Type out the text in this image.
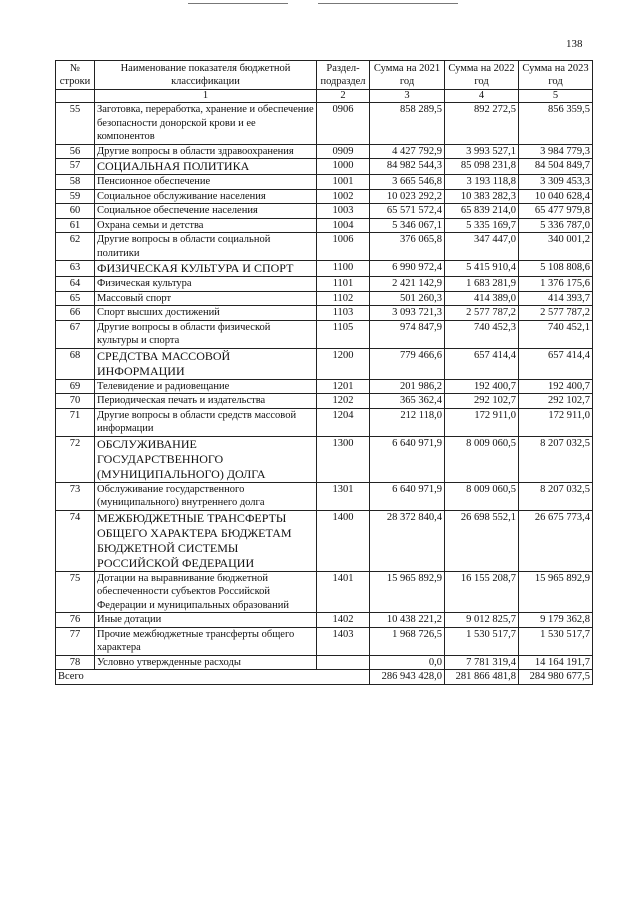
138
№ строки	Наименование показателя бюджетной классификации	Раздел-подраздел	Сумма на 2021 год	Сумма на 2022 год	Сумма на 2023 год
	1	2	3	4	5
55	Заготовка, переработка, хранение и обеспечение безопасности донорской крови и ее компонентов	0906	858 289,5	892 272,5	856 359,5
56	Другие вопросы в области здравоохранения	0909	4 427 792,9	3 993 527,1	3 984 779,3
57	СОЦИАЛЬНАЯ ПОЛИТИКА	1000	84 982 544,3	85 098 231,8	84 504 849,7
58	Пенсионное обеспечение	1001	3 665 546,8	3 193 118,8	3 309 453,3
59	Социальное обслуживание населения	1002	10 023 292,2	10 383 282,3	10 040 628,4
60	Социальное обеспечение населения	1003	65 571 572,4	65 839 214,0	65 477 979,8
61	Охрана семьи и детства	1004	5 346 067,1	5 335 169,7	5 336 787,0
62	Другие вопросы в области социальной политики	1006	376 065,8	347 447,0	340 001,2
63	ФИЗИЧЕСКАЯ КУЛЬТУРА И СПОРТ	1100	6 990 972,4	5 415 910,4	5 108 808,6
64	Физическая культура	1101	2 421 142,9	1 683 281,9	1 376 175,6
65	Массовый спорт	1102	501 260,3	414 389,0	414 393,7
66	Спорт высших достижений	1103	3 093 721,3	2 577 787,2	2 577 787,2
67	Другие вопросы в области физической культуры и спорта	1105	974 847,9	740 452,3	740 452,1
68	СРЕДСТВА МАССОВОЙ ИНФОРМАЦИИ	1200	779 466,6	657 414,4	657 414,4
69	Телевидение и радиовещание	1201	201 986,2	192 400,7	192 400,7
70	Периодическая печать и издательства	1202	365 362,4	292 102,7	292 102,7
71	Другие вопросы в области средств массовой информации	1204	212 118,0	172 911,0	172 911,0
72	ОБСЛУЖИВАНИЕ ГОСУДАРСТВЕННОГО (МУНИЦИПАЛЬНОГО) ДОЛГА	1300	6 640 971,9	8 009 060,5	8 207 032,5
73	Обслуживание государственного (муниципального) внутреннего долга	1301	6 640 971,9	8 009 060,5	8 207 032,5
74	МЕЖБЮДЖЕТНЫЕ ТРАНСФЕРТЫ ОБЩЕГО ХАРАКТЕРА БЮДЖЕТАМ БЮДЖЕТНОЙ СИСТЕМЫ РОССИЙСКОЙ ФЕДЕРАЦИИ	1400	28 372 840,4	26 698 552,1	26 675 773,4
75	Дотации на выравнивание бюджетной обеспеченности субъектов Российской Федерации и муниципальных образований	1401	15 965 892,9	16 155 208,7	15 965 892,9
76	Иные дотации	1402	10 438 221,2	9 012 825,7	9 179 362,8
77	Прочие межбюджетные трансферты общего характера	1403	1 968 726,5	1 530 517,7	1 530 517,7
78	Условно утвержденные расходы		0,0	7 781 319,4	14 164 191,7
Всего			286 943 428,0	281 866 481,8	284 980 677,5
